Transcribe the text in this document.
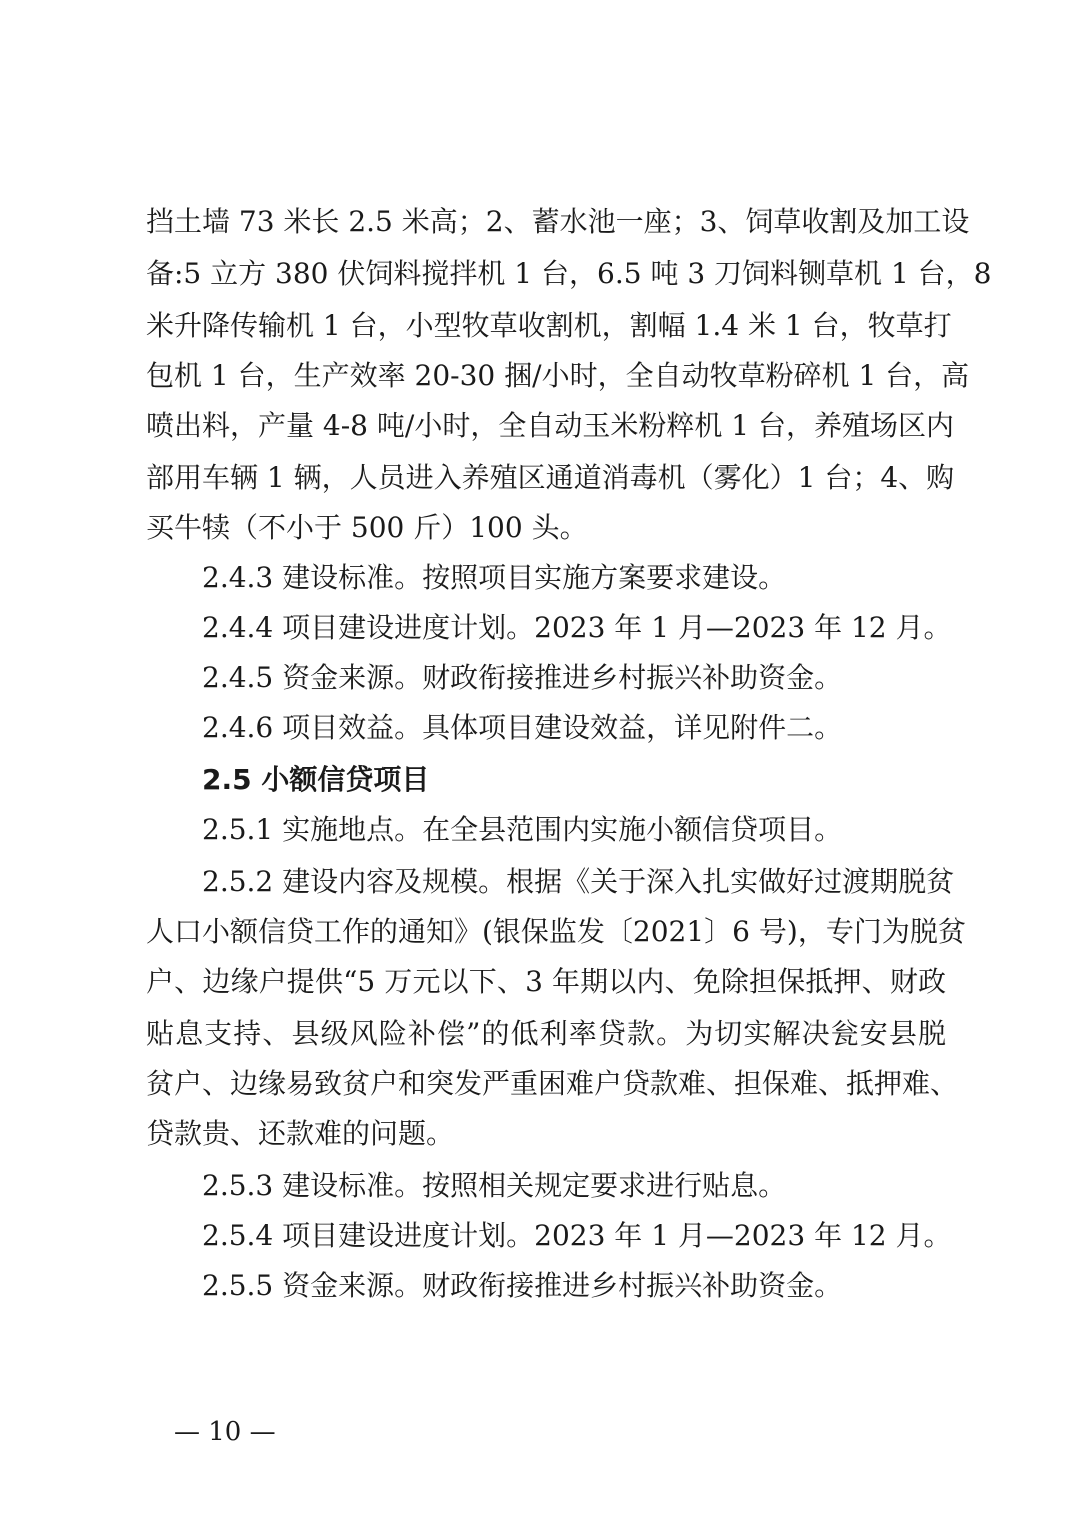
挡土墙 73 米长 2.5 米高；2、蓄水池一座；3、饲草收割及加工设
备:5 立方 380 伏饲料搅拌机 1 台，6.5 吨 3 刀饲料铡草机 1 台，8
米升降传输机 1 台，小型牧草收割机，割幅 1.4 米 1 台，牧草打
包机 1 台，生产效率 20-30 捆/小时，全自动牧草粉碎机 1 台，高
喷出料，产量 4-8 吨/小时，全自动玉米粉粹机 1 台，养殖场区内
部用车辆 1 辆，人员进入养殖区通道消毒机（雾化）1 台；4、购
买牛犊（不小于 500 斤）100 头。
2.4.3 建设标准。按照项目实施方案要求建设。
2.4.4 项目建设进度计划。2023 年 1 月—2023 年 12 月。
2.4.5 资金来源。财政衔接推进乡村振兴补助资金。
2.4.6 项目效益。具体项目建设效益，详见附件二。
2.5 小额信贷项目
2.5.1 实施地点。在全县范围内实施小额信贷项目。
2.5.2 建设内容及规模。根据《关于深入扎实做好过渡期脱贫
人口小额信贷工作的通知》(银保监发〔2021〕6 号)，专门为脱贫
户、边缘户提供“5 万元以下、3 年期以内、免除担保抵押、财政
贴息支持、县级风险补偿”的低利率贷款。为切实解决瓮安县脱
贫户、边缘易致贫户和突发严重困难户贷款难、担保难、抵押难、
贷款贵、还款难的问题。
2.5.3 建设标准。按照相关规定要求进行贴息。
2.5.4 项目建设进度计划。2023 年 1 月—2023 年 12 月。
2.5.5 资金来源。财政衔接推进乡村振兴补助资金。
— 10 —
